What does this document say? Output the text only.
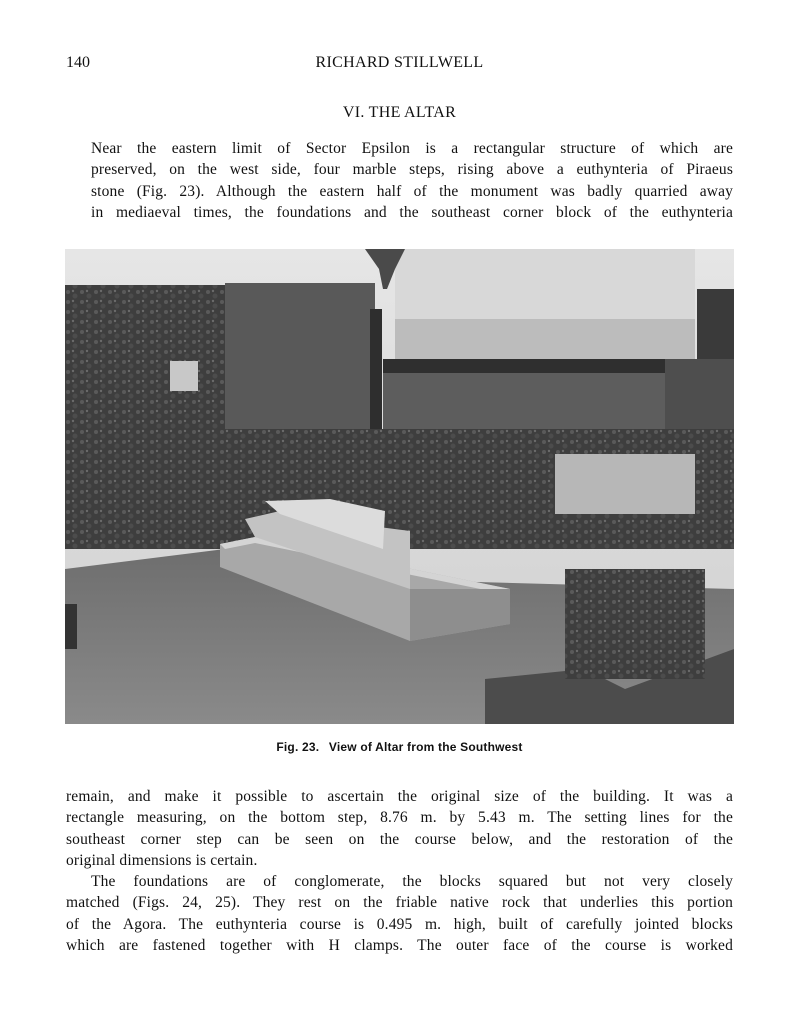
140	RICHARD STILLWELL
VI. THE ALTAR
Near the eastern limit of Sector Epsilon is a rectangular structure of which are
preserved, on the west side, four marble steps, rising above a euthynteria of Piraeus
stone (Fig. 23). Although the eastern half of the monument was badly quarried away
in mediaeval times, the foundations and the southeast corner block of the euthynteria
Fig. 23. View of Altar from the Southwest
remain, and make it possible to ascertain the original size of the building. It was a
rectangle measuring, on the bottom step, 8.76 m. by 5.43 m. The setting lines for the
southeast corner step can be seen on the course below, and the restoration of the
original dimensions is certain.
The foundations are of conglomerate, the blocks squared but not very closely
matched (Figs. 24, 25). They rest on the friable native rock that underlies this portion
of the Agora. The euthynteria course is 0.495 m. high, built of carefully jointed blocks
which are fastened together with H clamps. The outer face of the course is worked
